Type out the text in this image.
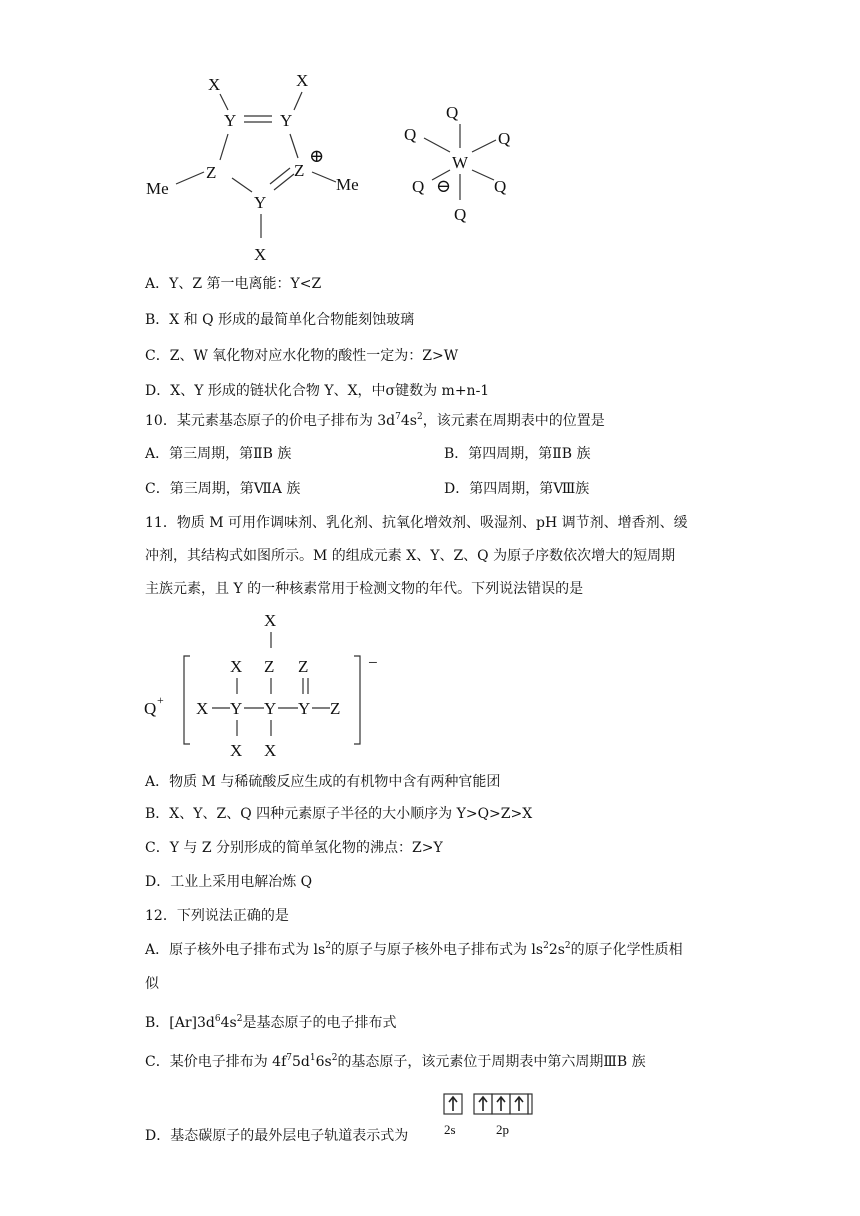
X	X
Y	Y
Z	Z
⊕
Me	Me
Y
X
Q
Q	Q
W
Q ⊖	Q
Q
A．Y、Z 第一电离能：Y<Z
B．X 和 Q 形成的最简单化合物能刻蚀玻璃
C．Z、W 氧化物对应水化物的酸性一定为：Z>W
D．X、Y 形成的链状化合物 Y、X，中σ键数为 m+n-1
10．某元素基态原子的价电子排布为 $3d^74s^2$，该元素在周期表中的位置是
A．第三周期，第ⅡB 族	B．第四周期，第ⅡB 族
C．第三周期，第ⅦA 族	D．第四周期，第Ⅷ族
11．物质 M 可用作调味剂、乳化剂、抗氧化增效剂、吸湿剂、pH 调节剂、增香剂、缓
冲剂，其结构式如图所示。M 的组成元素 X、Y、Z、Q 为原子序数依次增大的短周期
主族元素，且 Y 的一种核素常用于检测文物的年代。下列说法错误的是
Q +
−
X
X Z Z
X Y Y Y Z
X X
A．物质 M 与稀硫酸反应生成的有机物中含有两种官能团
B．X、Y、Z、Q 四种元素原子半径的大小顺序为 Y>Q>Z>X
C．Y 与 Z 分别形成的简单氢化物的沸点：Z>Y
D．工业上采用电解冶炼 Q
12．下列说法正确的是
A．原子核外电子排布式为 $ls^2$的原子与原子核外电子排布式为 $ls^22s^2$的原子化学性质相
似
B．$[Ar]3d^64s^2$是基态原子的电子排布式
C．某价电子排布为 $4f^75d^16s^2$的基态原子，该元素位于周期表中第六周期ⅢB 族
D．基态碳原子的最外层电子轨道表示式为	2s	2p
